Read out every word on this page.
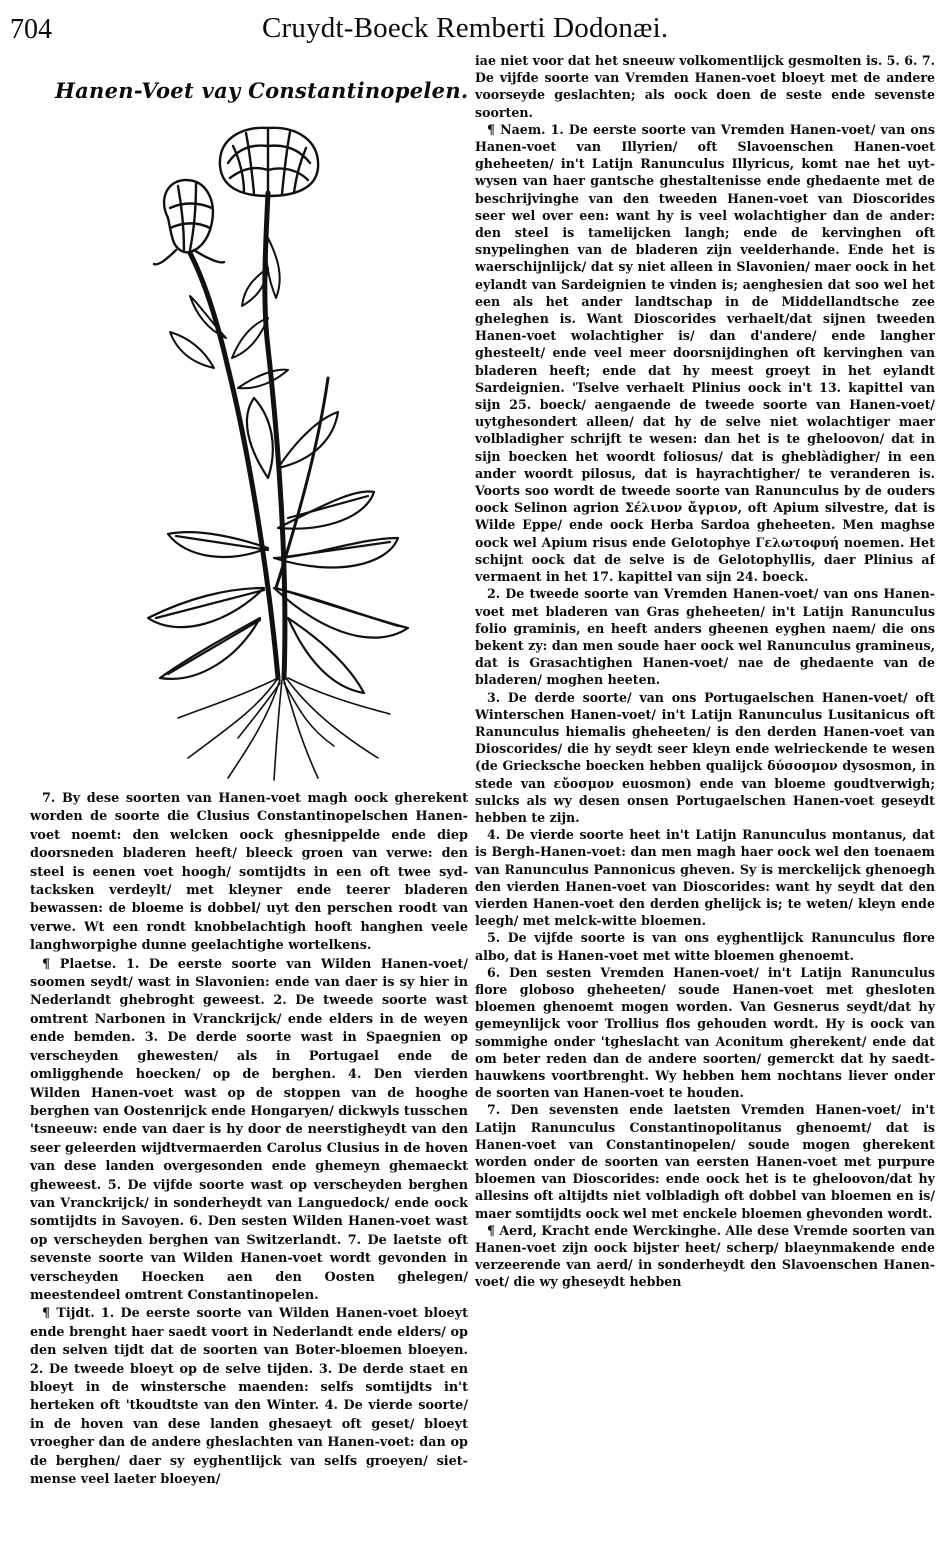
704	Cruydt-Boeck Remberti Dodonæi.
Hanen-Voet vay Constantinopelen.

iae niet voor dat het sneeuw volkomentlijck gesmolten is. 5. 6. 7. De vijfde soorte van Vremden Hanen-voet bloeyt met de andere voorseyde geslachten; als oock doen de seste ende sevenste soorten.

¶ Naem. 1. De eerste soorte van Vremden Hanen-voet/ van ons Hanen-voet van Illyrien/ oft Slavoenschen Hanen-voet gheheeten/ in't Latijn Ranunculus Illyricus, komt nae het uyt-wysen van haer gantsche ghestaltenisse ende ghedaente met de beschrijvinghe van den tweeden Hanen-voet van Dioscorides seer wel over een: want hy is veel wolachtigher dan de ander: den steel is tamelijcken langh; ende de kervinghen oft snypelinghen van de bladeren zijn veelderhande. Ende het is waerschijnlijck/ dat sy niet alleen in Slavonien/ maer oock in het eylandt van Sardeignien te vinden is; aenghesien dat soo wel het een als het ander landtschap in de Middellandtsche zee gheleghen is. Want Dioscorides verhaelt/dat sijnen tweeden Hanen-voet wolachtigher is/ dan d'andere/ ende langher ghesteelt/ ende veel meer doorsnijdinghen oft kervinghen van bladeren heeft; ende dat hy meest groeyt in het eylandt Sardeignien. 'Tselve verhaelt Plinius oock in't 13. kapittel van sijn 25. boeck/ aengaende de tweede soorte van Hanen-voet/ uytghesondert alleen/ dat hy de selve niet wolachtiger maer volbladigher schrijft te wesen: dan het is te gheloovon/ dat in sijn boecken het woordt foliosus/ dat is gheblàdigher/ in een ander woordt pilosus, dat is hayrachtigher/ te veranderen is. Voorts soo wordt de tweede soorte van Ranunculus by de ouders oock Selinon agrion Σέλινον ἄγριον, oft Apium silvestre, dat is Wilde Eppe/ ende oock Herba Sardoa gheheeten. Men maghse oock wel Apium risus ende Gelotophye Γελωτοφυή noemen. Het schijnt oock dat de selve is de Gelotophyllis, daer Plinius af vermaent in het 17. kapittel van sijn 24. boeck.

2. De tweede soorte van Vremden Hanen-voet/ van ons Hanen-voet met bladeren van Gras gheheeten/ in't Latijn Ranunculus folio graminis, en heeft anders gheenen eyghen naem/ die ons bekent zy: dan men soude haer oock wel Ranunculus gramineus, dat is Grasachtighen Hanen-voet/ nae de ghedaente van de bladeren/ moghen heeten.

3. De derde soorte/ van ons Portugaelschen Hanen-voet/ oft Winterschen Hanen-voet/ in't Latijn Ranunculus Lusitanicus oft Ranunculus hiemalis gheheeten/ is den derden Hanen-voet van Dioscorides/ die hy seydt seer kleyn ende welrieckende te wesen (de Griecksche boecken hebben qualijck δύσοσμον dysosmon, in stede van εὔοσμον euosmon) ende van bloeme goudtverwigh; sulcks als wy desen onsen Portugaelschen Hanen-voet geseydt hebben te zijn.

4. De vierde soorte heet in't Latijn Ranunculus montanus, dat is Bergh-Hanen-voet: dan men magh haer oock wel den toenaem van Ranunculus Pannonicus gheven. Sy is merckelijck ghenoegh den vierden Hanen-voet van Dioscorides: want hy seydt dat den vierden Hanen-voet den derden ghelijck is; te weten/ kleyn ende leegh/ met melck-witte bloemen.

5. De vijfde soorte is van ons eyghentlijck Ranunculus flore albo, dat is Hanen-voet met witte bloemen ghenoemt.

6. Den sesten Vremden Hanen-voet/ in't Latijn Ranunculus flore globoso gheheeten/ soude Hanen-voet met ghesloten bloemen ghenoemt mogen worden. Van Gesnerus seydt/dat hy gemeynlijck voor Trollius flos gehouden wordt. Hy is oock van sommighe onder 'tgheslacht van Aconitum gherekent/ ende dat om beter reden dan de andere soorten/ gemerckt dat hy saedt-hauwkens voortbrenght. Wy hebben hem nochtans liever onder de soorten van Hanen-voet te houden.

7. Den sevensten ende laetsten Vremden Hanen-voet/ in't Latijn Ranunculus Constantinopolitanus ghenoemt/ dat is Hanen-voet van Constantinopelen/ soude mogen gherekent worden onder de soorten van eersten Hanen-voet met purpure bloemen van Dioscorides: ende oock het is te gheloovon/dat hy allesins oft altijdts niet volbladigh oft dobbel van bloemen en is/ maer somtijdts oock wel met enckele bloemen ghevonden wordt.

¶ Aerd, Kracht ende Werckinghe. Alle dese Vremde soorten van Hanen-voet zijn oock bijster heet/ scherp/ blaeynmakende ende verzeerende van aerd/ in sonderheydt den Slavoenschen Hanen-voet/ die wy gheseydt hebben

7. By dese soorten van Hanen-voet magh oock gherekent worden de soorte die Clusius Constantinopelschen Hanen-voet noemt: den welcken oock ghesnippelde ende diep doorsneden bladeren heeft/ bleeck groen van verwe: den steel is eenen voet hoogh/ somtijdts in een oft twee syd-tacksken verdeylt/ met kleyner ende teerer bladeren bewassen: de bloeme is dobbel/ uyt den perschen roodt van verwe. Wt een rondt knobbelachtigh hooft hanghen veele langhworpighe dunne geelachtighe wortelkens.

¶ Plaetse. 1. De eerste soorte van Wilden Hanen-voet/ soomen seydt/ wast in Slavonien: ende van daer is sy hier in Nederlandt ghebroght geweest. 2. De tweede soorte wast omtrent Narbonen in Vranckrijck/ ende elders in de weyen ende bemden. 3. De derde soorte wast in Spaegnien op verscheyden ghewesten/ als in Portugael ende de omligghende hoecken/ op de berghen. 4. Den vierden Wilden Hanen-voet wast op de stoppen van de hooghe berghen van Oostenrijck ende Hongaryen/ dickwyls tusschen 'tsneeuw: ende van daer is hy door de neerstigheydt van den seer geleerden wijdtvermaerden Carolus Clusius in de hoven van dese landen overgesonden ende ghemeyn ghemaeckt gheweest. 5. De vijfde soorte wast op verscheyden berghen van Vranckrijck/ in sonderheydt van Languedock/ ende oock somtijdts in Savoyen. 6. Den sesten Wilden Hanen-voet wast op verscheyden berghen van Switzerlandt. 7. De laetste oft sevenste soorte van Wilden Hanen-voet wordt gevonden in verscheyden Hoecken aen den Oosten ghelegen/ meestendeel omtrent Constantinopelen.

¶ Tijdt. 1. De eerste soorte van Wilden Hanen-voet bloeyt ende brenght haer saedt voort in Nederlandt ende elders/ op den selven tijdt dat de soorten van Boter-bloemen bloeyen. 2. De tweede bloeyt op de selve tijden. 3. De derde staet en bloeyt in de winstersche maenden: selfs somtijdts in't herteken oft 'tkoudtste van den Winter. 4. De vierde soorte/ in de hoven van dese landen ghesaeyt oft geset/ bloeyt vroegher dan de andere gheslachten van Hanen-voet: dan op de berghen/ daer sy eyghentlijck van selfs groeyen/ siet-mense veel laeter bloeyen/
